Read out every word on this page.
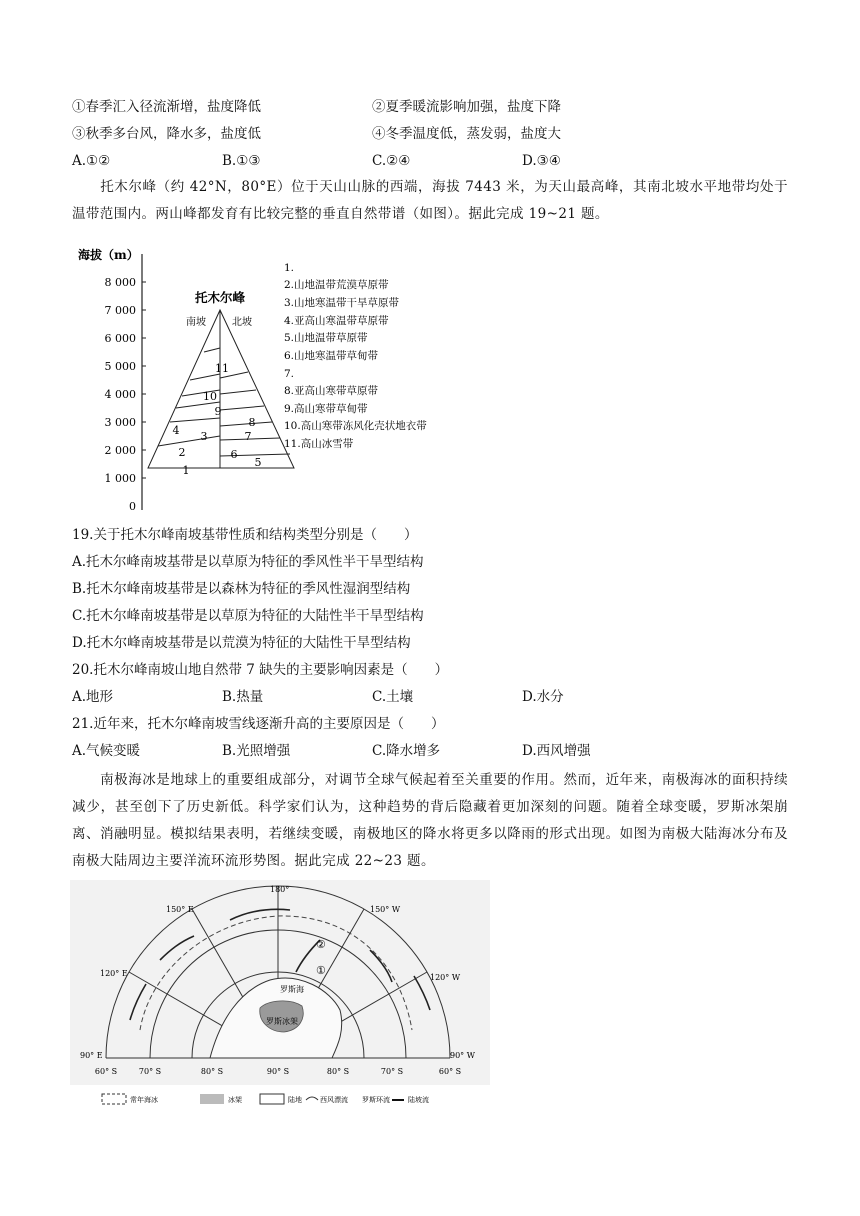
①春季汇入径流渐增，盐度降低	②夏季暖流影响加强，盐度下降
③秋季多台风，降水多，盐度低	④冬季温度低，蒸发弱，盐度大
A.①②	B.①③	C.②④	D.③④
托木尔峰（约 42°N，80°E）位于天山山脉的西端，海拔 7443 米，为天山最高峰，其南北坡水平地带均处于温带范围内。两山峰都发育有比较完整的垂直自然带谱（如图）。据此完成 19~21 题。
海拔（m）
8 000
7 000
6 000
5 000
4 000
3 000
2 000
1 000
0
托木尔峰
南坡	北坡
1
2
3
4
5
6
7
8
9
10
11
1.
2.山地温带荒漠草原带
3.山地寒温带干旱草原带
4.亚高山寒温带草原带
5.山地温带草原带
6.山地寒温带草甸带
7.
8.亚高山寒带草原带
9.高山寒带草甸带
10.高山寒带冻风化壳状地衣带
11.高山冰雪带
19.关于托木尔峰南坡基带性质和结构类型分别是（　　）
A.托木尔峰南坡基带是以草原为特征的季风性半干旱型结构
B.托木尔峰南坡基带是以森林为特征的季风性湿润型结构
C.托木尔峰南坡基带是以草原为特征的大陆性半干旱型结构
D.托木尔峰南坡基带是以荒漠为特征的大陆性干旱型结构
20.托木尔峰南坡山地自然带 7 缺失的主要影响因素是（　　）
A.地形	B.热量	C.土壤	D.水分
21.近年来，托木尔峰南坡雪线逐渐升高的主要原因是（　　）
A.气候变暖	B.光照增强	C.降水增多	D.西风增强
南极海冰是地球上的重要组成部分，对调节全球气候起着至关重要的作用。然而，近年来，南极海冰的面积持续减少，甚至创下了历史新低。科学家们认为，这种趋势的背后隐藏着更加深刻的问题。随着全球变暖，罗斯冰架崩离、消融明显。模拟结果表明，若继续变暖，南极地区的降水将更多以降雨的形式出现。如图为南极大陆海冰分布及南极大陆周边主要洋流环流形势图。据此完成 22~23 题。
②
①
罗斯海
罗斯冰架
180°
150° E	150° W
120° E	120° W
90° E	90° W
60° S	70° S	80° S	90° S	80° S	70° S	60° S
常年海冰	冰架	陆地	西风漂流 罗斯环流	陆坡流
